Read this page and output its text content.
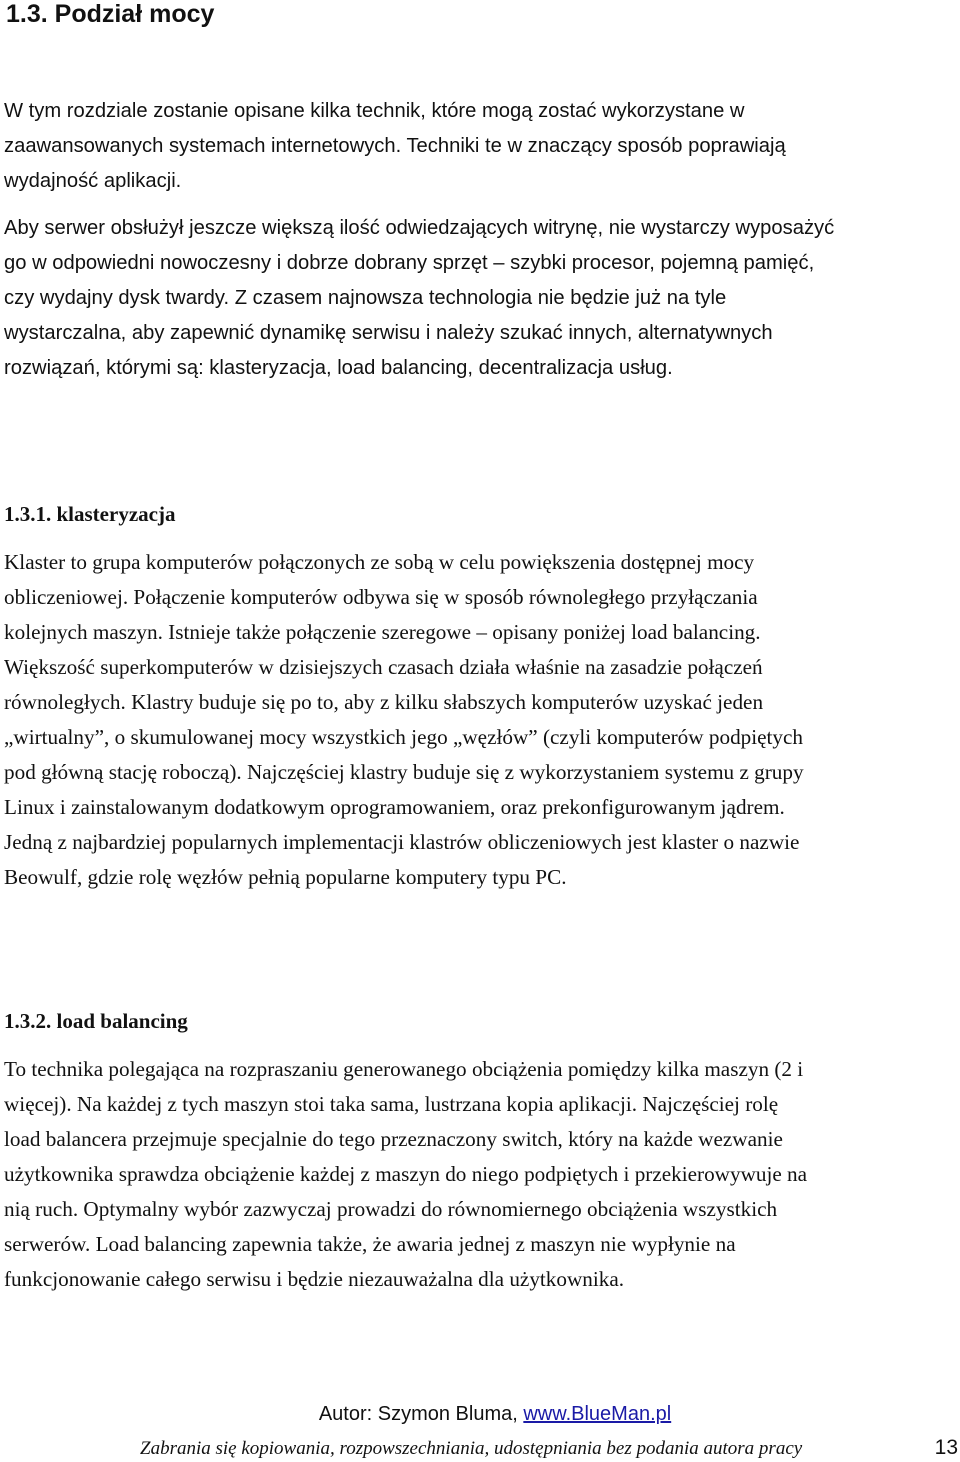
1.3. Podział mocy
W tym rozdziale zostanie opisane kilka technik, które mogą zostać wykorzystane w
zaawansowanych systemach internetowych. Techniki te w znaczący sposób poprawiają
wydajność aplikacji.
Aby serwer obsłużył jeszcze większą ilość odwiedzających witrynę, nie wystarczy wyposażyć
go w odpowiedni nowoczesny i dobrze dobrany sprzęt – szybki procesor, pojemną pamięć,
czy wydajny dysk twardy. Z czasem najnowsza technologia nie będzie już na tyle
wystarczalna, aby zapewnić dynamikę serwisu i należy szukać innych, alternatywnych
rozwiązań, którymi są: klasteryzacja, load balancing, decentralizacja usług.
1.3.1. klasteryzacja
Klaster to grupa komputerów połączonych ze sobą w celu powiększenia dostępnej mocy
obliczeniowej. Połączenie komputerów odbywa się w sposób równoległego przyłączania
kolejnych maszyn. Istnieje także połączenie szeregowe – opisany poniżej load balancing.
Większość superkomputerów w dzisiejszych czasach działa właśnie na zasadzie połączeń
równoległych. Klastry buduje się po to, aby z kilku słabszych komputerów uzyskać jeden
„wirtualny”, o skumulowanej mocy wszystkich jego „węzłów” (czyli komputerów podpiętych
pod główną stację roboczą). Najczęściej klastry buduje się z wykorzystaniem systemu z grupy
Linux i zainstalowanym dodatkowym oprogramowaniem, oraz prekonfigurowanym jądrem.
Jedną z najbardziej popularnych implementacji klastrów obliczeniowych jest klaster o nazwie
Beowulf, gdzie rolę węzłów pełnią popularne komputery typu PC.
1.3.2. load balancing
To technika polegająca na rozpraszaniu generowanego obciążenia pomiędzy kilka maszyn (2 i
więcej). Na każdej z tych maszyn stoi taka sama, lustrzana kopia aplikacji. Najczęściej rolę
load balancera przejmuje specjalnie do tego przeznaczony switch, który na każde wezwanie
użytkownika sprawdza obciążenie każdej z maszyn do niego podpiętych i przekierowywuje na
nią ruch. Optymalny wybór zazwyczaj prowadzi do równomiernego obciążenia wszystkich
serwerów. Load balancing zapewnia także, że awaria jednej z maszyn nie wypłynie na
funkcjonowanie całego serwisu i będzie niezauważalna dla użytkownika.
Autor: Szymon Bluma, www.BlueMan.pl
Zabrania się kopiowania, rozpowszechniania, udostępniania bez podania autora pracy	13
